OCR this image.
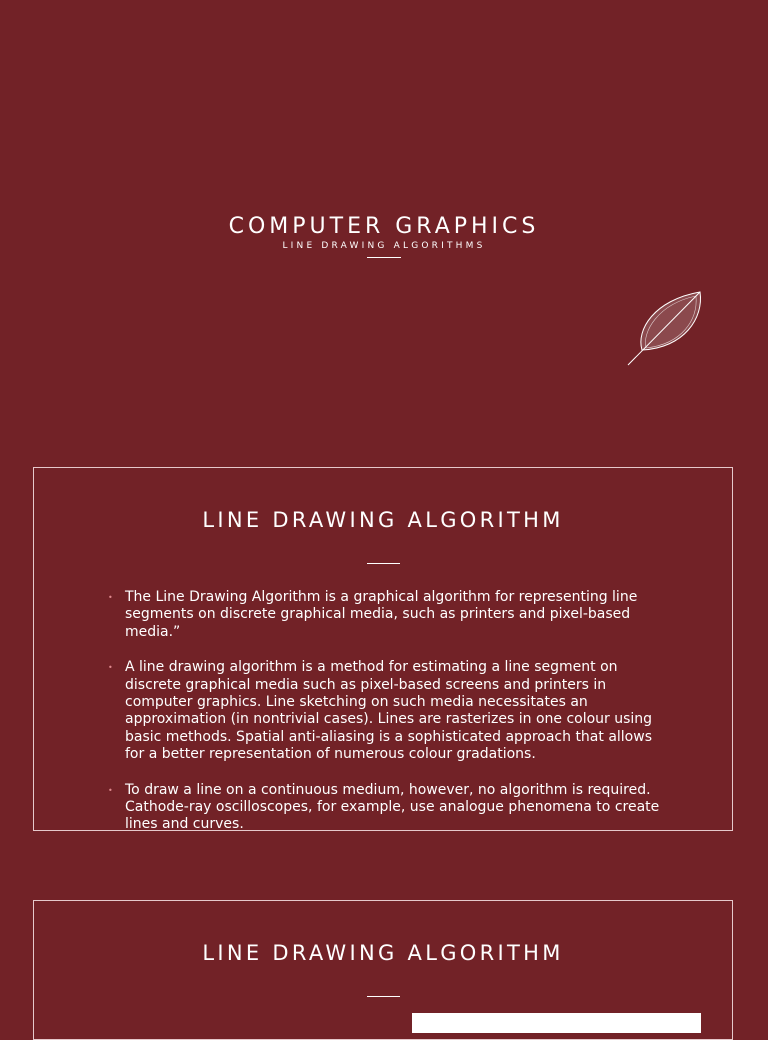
COMPUTER GRAPHICS
LINE DRAWING ALGORITHMS
LINE DRAWING ALGORITHM
• The Line Drawing Algorithm is a graphical algorithm for representing line segments on discrete graphical media, such as printers and pixel-based media.”
• A line drawing algorithm is a method for estimating a line segment on discrete graphical media such as pixel-based screens and printers in computer graphics. Line sketching on such media necessitates an approximation (in nontrivial cases). Lines are rasterizes in one colour using basic methods. Spatial anti-aliasing is a sophisticated approach that allows for a better representation of numerous colour gradations.
• To draw a line on a continuous medium, however, no algorithm is required. Cathode-ray oscilloscopes, for example, use analogue phenomena to create lines and curves.
LINE DRAWING ALGORITHM
